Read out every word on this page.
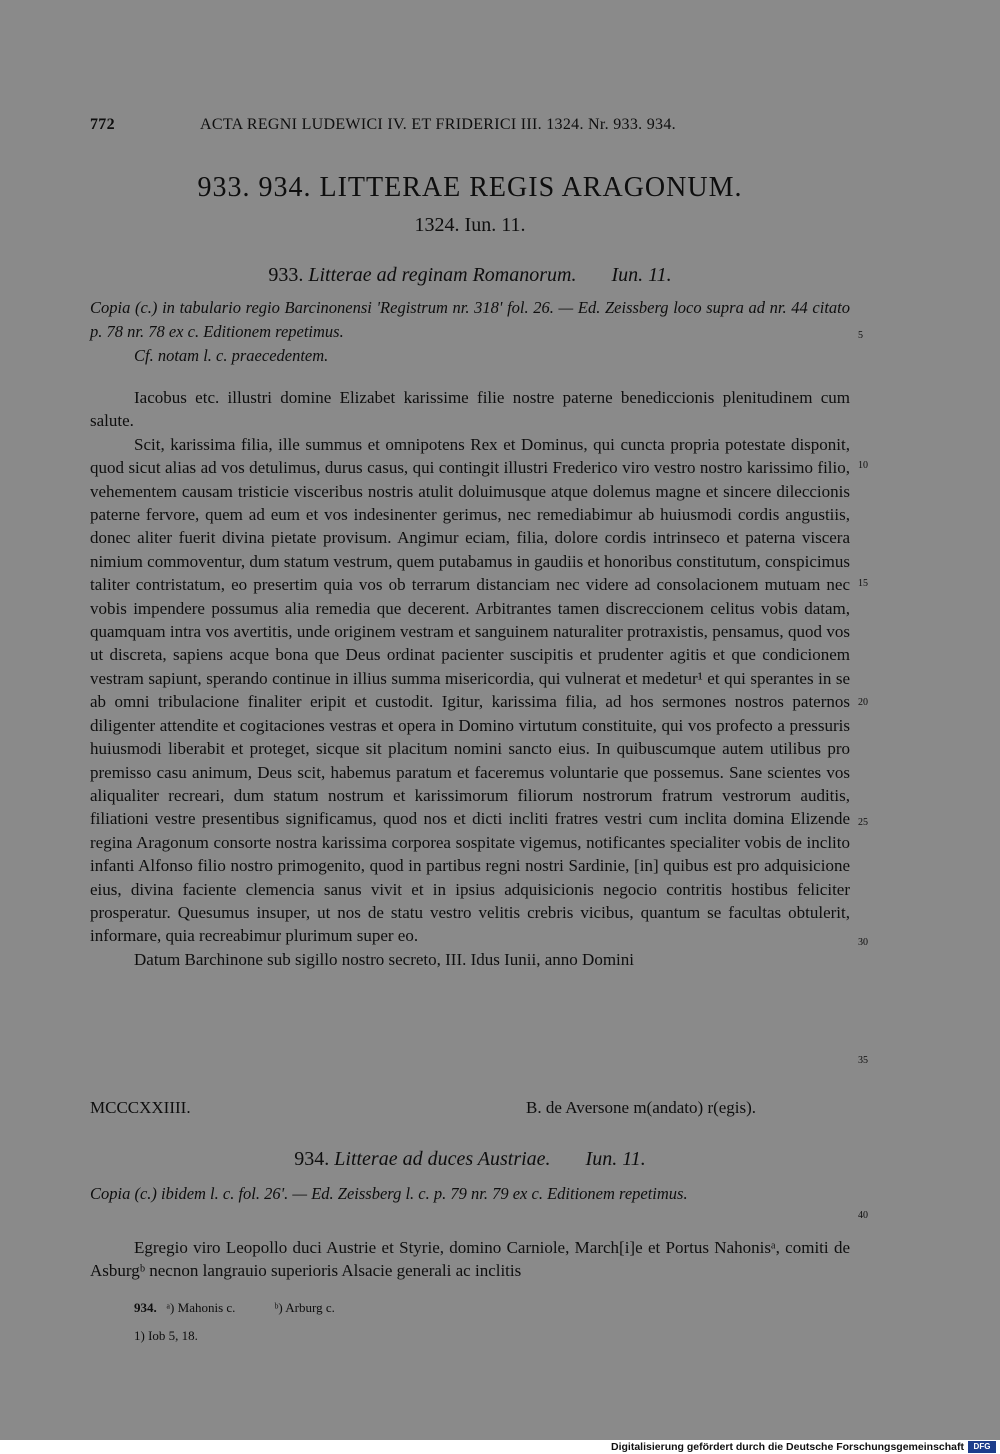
772	ACTA REGNI LUDEWICI IV. ET FRIDERICI III. 1324. Nr. 933. 934.
933. 934. LITTERAE REGIS ARAGONUM.
1324. Iun. 11.
933. Litterae ad reginam Romanorum. Iun. 11.
Copia (c.) in tabulario regio Barcinonensi 'Registrum nr. 318' fol. 26. — Ed. Zeissberg loco supra ad nr. 44 citato p. 78 nr. 78 ex c. Editionem repetimus.
Cf. notam l. c. praecedentem.

Iacobus etc. illustri domine Elizabet karissime filie nostre paterne benediccionis plenitudinem cum salute.

Scit, karissima filia, ille summus et omnipotens Rex et Dominus, qui cuncta propria potestate disponit, quod sicut alias ad vos detulimus, durus casus, qui contingit illustri Frederico viro vestro nostro karissimo filio, vehementem causam tristicie visceribus nostris atulit doluimusque atque dolemus magne et sincere dileccionis paterne fervore, quem ad eum et vos indesinenter gerimus, nec remediabimur ab huiusmodi cordis angustiis, donec aliter fuerit divina pietate provisum. Angimur eciam, filia, dolore cordis intrinseco et paterna viscera nimium commoventur, dum statum vestrum, quem putabamus in gaudiis et honoribus constitutum, conspicimus taliter contristatum, eo presertim quia vos ob terrarum distanciam nec videre ad consolacionem mutuam nec vobis impendere possumus alia remedia que decerent. Arbitrantes tamen discreccionem celitus vobis datam, quamquam intra vos avertitis, unde originem vestram et sanguinem naturaliter protraxistis, pensamus, quod vos ut discreta, sapiens acque bona que Deus ordinat pacienter suscipitis et prudenter agitis et que condicionem vestram sapiunt, sperando continue in illius summa misericordia, qui vulnerat et medetur¹ et qui sperantes in se ab omni tribulacione finaliter eripit et custodit. Igitur, karissima filia, ad hos sermones nostros paternos diligenter attendite et cogitaciones vestras et opera in Domino virtutum constituite, qui vos profecto a pressuris huiusmodi liberabit et proteget, sicque sit placitum nomini sancto eius. In quibuscumque autem utilibus pro premisso casu animum, Deus scit, habemus paratum et faceremus voluntarie que possemus. Sane scientes vos aliqualiter recreari, dum statum nostrum et karissimorum filiorum nostrorum fratrum vestrorum auditis, filiationi vestre presentibus significamus, quod nos et dicti incliti fratres vestri cum inclita domina Elizende regina Aragonum consorte nostra karissima corporea sospitate vigemus, notificantes specialiter vobis de inclito infanti Alfonso filio nostro primogenito, quod in partibus regni nostri Sardinie, [in] quibus est pro adquisicione eius, divina faciente clemencia sanus vivit et in ipsius adquisicionis negocio contritis hostibus feliciter prosperatur. Quesumus insuper, ut nos de statu vestro velitis crebris vicibus, quantum se facultas obtulerit, informare, quia recreabimur plurimum super eo.

Datum Barchinone sub sigillo nostro secreto, III. Idus Iunii, anno Domini

MCCCXXIIII.	B. de Aversone m(andato) r(egis).
934. Litterae ad duces Austriae. Iun. 11.
Copia (c.) ibidem l. c. fol. 26'. — Ed. Zeissberg l. c. p. 79 nr. 79 ex c. Editionem repetimus.

Egregio viro Leopollo duci Austrie et Styrie, domino Carniole, March[i]e et Portus Nahonisᵃ, comiti de Asburgᵇ necnon langrauio superioris Alsacie generali ac inclitis

5
10
15
20
25
30
35
40
934. ᵃ) Mahonis c.	ᵇ) Arburg c.
1) Iob 5, 18.
Digitalisierung gefördert durch die Deutsche Forschungsgemeinschaft	DFG
